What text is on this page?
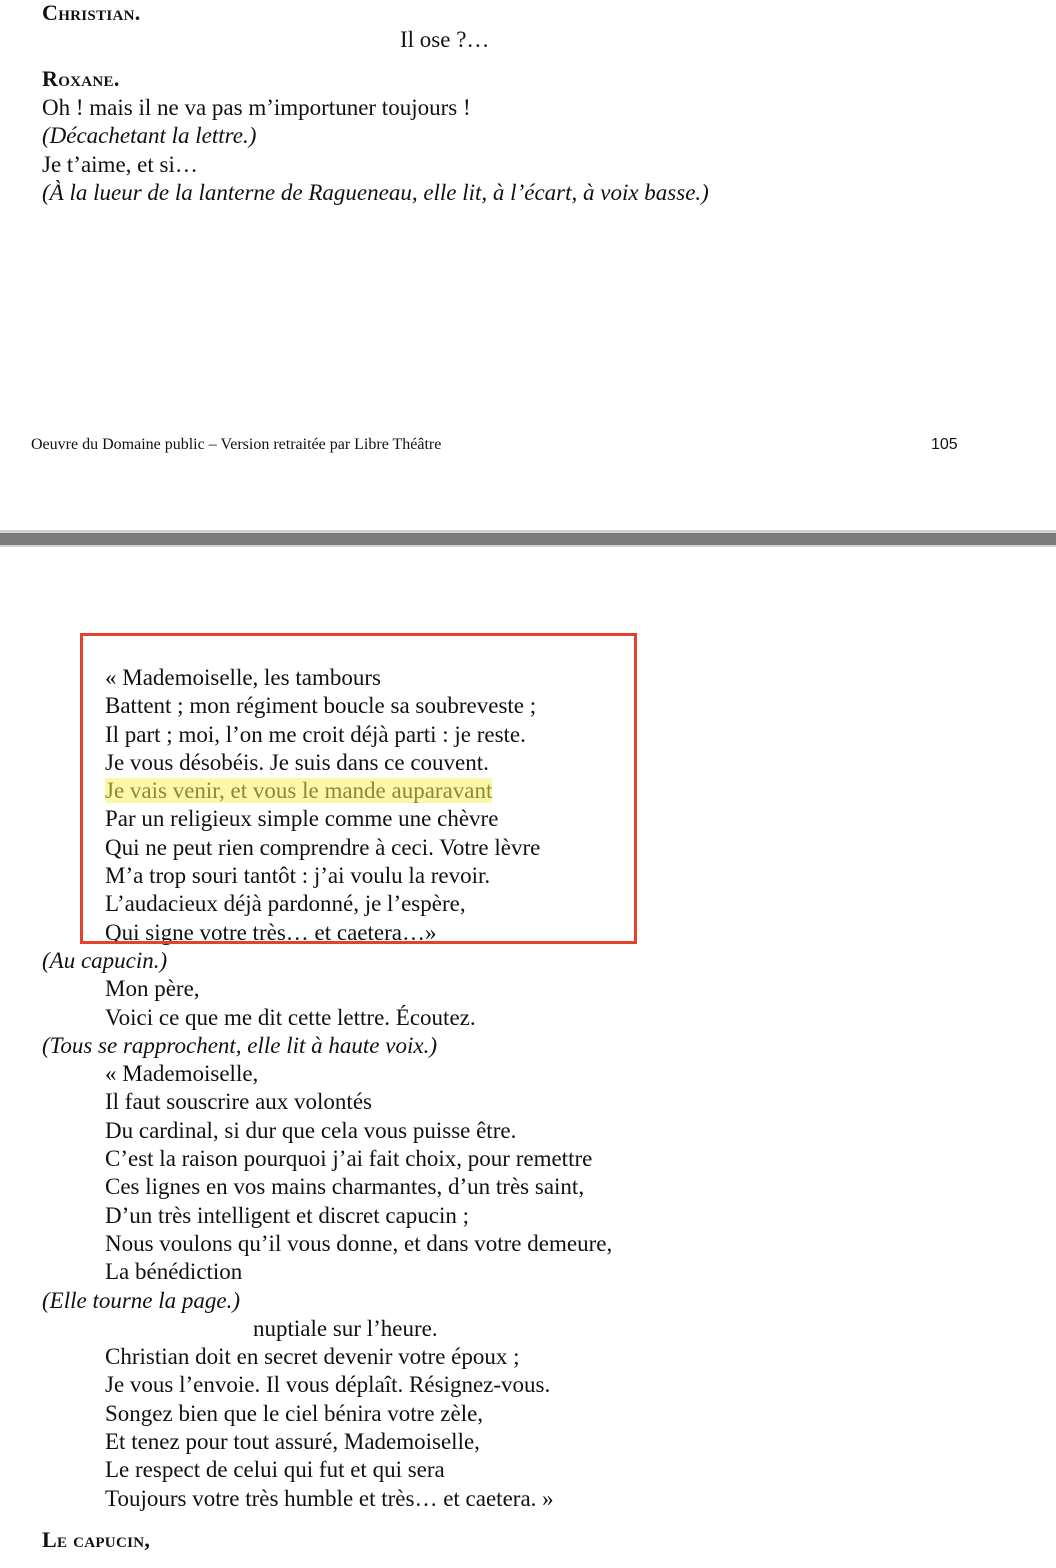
Christian.
Il ose ?…
Roxane.
Oh ! mais il ne va pas m’importuner toujours !
(Décachetant la lettre.)
Je t’aime, et si…
(À la lueur de la lanterne de Ragueneau, elle lit, à l’écart, à voix basse.)
Oeuvre du Domaine public – Version retraitée par Libre Théâtre	105
« Mademoiselle, les tambours
Battent ; mon régiment boucle sa soubreveste ;
Il part ; moi, l’on me croit déjà parti : je reste.
Je vous désobéis. Je suis dans ce couvent.
Je vais venir, et vous le mande auparavant
Par un religieux simple comme une chèvre
Qui ne peut rien comprendre à ceci. Votre lèvre
M’a trop souri tantôt : j’ai voulu la revoir.
L’audacieux déjà pardonné, je l’espère,
Qui signe votre très… et caetera…»
(Au capucin.)
Mon père,
Voici ce que me dit cette lettre. Écoutez.
(Tous se rapprochent, elle lit à haute voix.)
« Mademoiselle,
Il faut souscrire aux volontés
Du cardinal, si dur que cela vous puisse être.
C’est la raison pourquoi j’ai fait choix, pour remettre
Ces lignes en vos mains charmantes, d’un très saint,
D’un très intelligent et discret capucin ;
Nous voulons qu’il vous donne, et dans votre demeure,
La bénédiction
(Elle tourne la page.)
nuptiale sur l’heure.
Christian doit en secret devenir votre époux ;
Je vous l’envoie. Il vous déplaît. Résignez-vous.
Songez bien que le ciel bénira votre zèle,
Et tenez pour tout assuré, Mademoiselle,
Le respect de celui qui fut et qui sera
Toujours votre très humble et très… et caetera. »
Le capucin,
